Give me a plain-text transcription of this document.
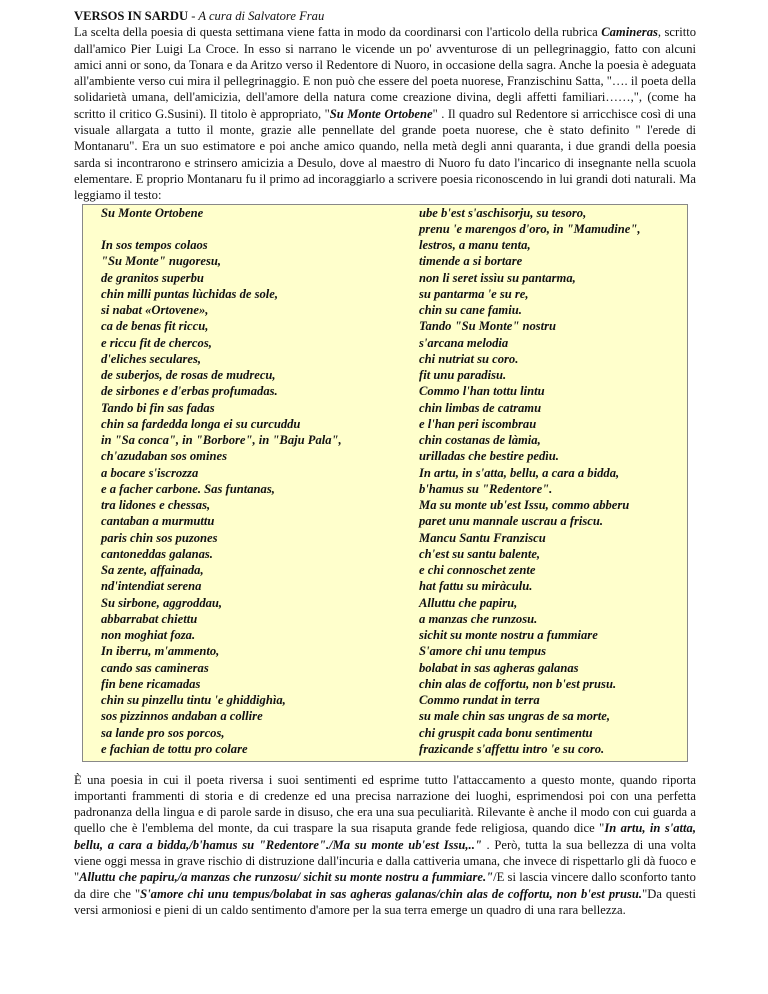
VERSOS IN SARDU - A cura di Salvatore Frau
La scelta della poesia di questa settimana viene fatta in modo da coordinarsi con l'articolo della rubrica Camineras, scritto dall'amico Pier Luigi La Croce. In esso si narrano le vicende un po' avventurose di un pellegrinaggio, fatto con alcuni amici anni or sono, da Tonara e da Aritzo verso il Redentore di Nuoro, in occasione della sagra. Anche la poesia è adeguata all'ambiente verso cui mira il pellegrinaggio. E non può che essere del poeta nuorese, Franzischinu Satta, "…. il poeta della solidarietà umana, dell'amicizia, dell'amore della natura come creazione divina, degli affetti familiari……,", (come ha scritto il critico G.Susini). Il titolo è appropriato, "Su Monte Ortobene" . Il quadro sul Redentore si arricchisce così di una visuale allargata a tutto il monte, grazie alle pennellate del grande poeta nuorese, che è stato definito " l'erede di Montanaru". Era un suo estimatore e poi anche amico quando, nella metà degli anni quaranta, i due grandi della poesia sarda si incontrarono e strinsero amicizia a Desulo, dove al maestro di Nuoro fu dato l'incarico di insegnante nella scuola elementare. E proprio Montanaru fu il primo ad incoraggiarlo a scrivere poesia riconoscendo in lui grandi doti naturali. Ma leggiamo il testo:

Su Monte Ortobene
In sos tempos colaos
"Su Monte" nugoresu,
de granitos superbu
chin milli puntas lùchidas de sole,
si nabat «Ortovene»,
ca de benas fit riccu,
e riccu fit de chercos,
d'eliches seculares,
de suberjos, de rosas de mudrecu,
de sirbones e d'erbas profumadas.
Tando bi fin sas fadas
chin sa fardedda longa ei su curcuddu
in "Sa conca", in "Borbore", in "Baju Pala",
ch'azudaban sos omines
a bocare s'iscrozza
e a facher carbone. Sas funtanas,
tra lidones e chessas,
cantaban a murmuttu
paris chin sos puzones
cantoneddas galanas.
Sa zente, affainada,
nd'intendiat serena
Su sirbone, aggroddau,
abbarrabat chiettu
non moghiat foza.
In iberru, m'ammento,
cando sas camineras
fin bene ricamadas
chin su pinzellu tintu 'e ghiddighìa,
sos pizzinnos andaban a collire
sa lande pro sos porcos,
e fachian de tottu pro colare
ube b'est s'aschisorju, su tesoro,
prenu 'e marengos d'oro, in "Mamudine",
lestros, a manu tenta,
timende a si bortare
non li seret issìu su pantarma,
su pantarma 'e su re,
chin su cane famiu.
Tando "Su Monte" nostru
s'arcana melodia
chi nutriat su coro.
fit unu paradisu.
Commo l'han tottu lintu
chin limbas de catramu
e l'han peri iscombrau
chin costanas de làmia,
urilladas che bestire pedìu.
In artu, in s'atta, bellu, a cara a bidda,
b'hamus su "Redentore".
Ma su monte ub'est Issu, commo abberu
paret unu mannale uscrau a friscu.
Mancu Santu Franziscu
ch'est su santu balente,
e chi connoschet zente
hat fattu su miràculu.
Alluttu che papiru,
a manzas che runzosu.
sichit su monte nostru a fummiare
S'amore chi unu tempus
bolabat in sas agheras galanas
chin alas de coffortu, non b'est prusu.
Commo rundat in terra
su male chin sas ungras de sa morte,
chi gruspit cada bonu sentimentu
frazicande s'affettu intro 'e su coro.

È una poesia in cui il poeta riversa i suoi sentimenti ed esprime tutto l'attaccamento a questo monte, quando riporta importanti frammenti di storia e di credenze ed una precisa narrazione dei luoghi, esprimendosi poi con una perfetta padronanza della lingua e di parole sarde in disuso, che era una sua peculiarità. Rilevante è anche il modo con cui guarda a quello che è l'emblema del monte, da cui traspare la sua risaputa grande fede religiosa, quando dice "In artu, in s'atta, bellu, a cara a bidda,/b'hamus su "Redentore"./Ma su monte ub'est Issu,.." . Però, tutta la sua bellezza di una volta viene oggi messa in grave rischio di distruzione dall'incuria e dalla cattiveria umana, che invece di rispettarlo gli dà fuoco e "Alluttu che papiru,/a manzas che runzosu/ sichit su monte nostru a fummiare."/E si lascia vincere dallo sconforto tanto da dire che "S'amore chi unu tempus/bolabat in sas agheras galanas/chin alas de coffortu, non b'est prusu."Da questi versi armoniosi e pieni di un caldo sentimento d'amore per la sua terra emerge un quadro di una rara bellezza.
